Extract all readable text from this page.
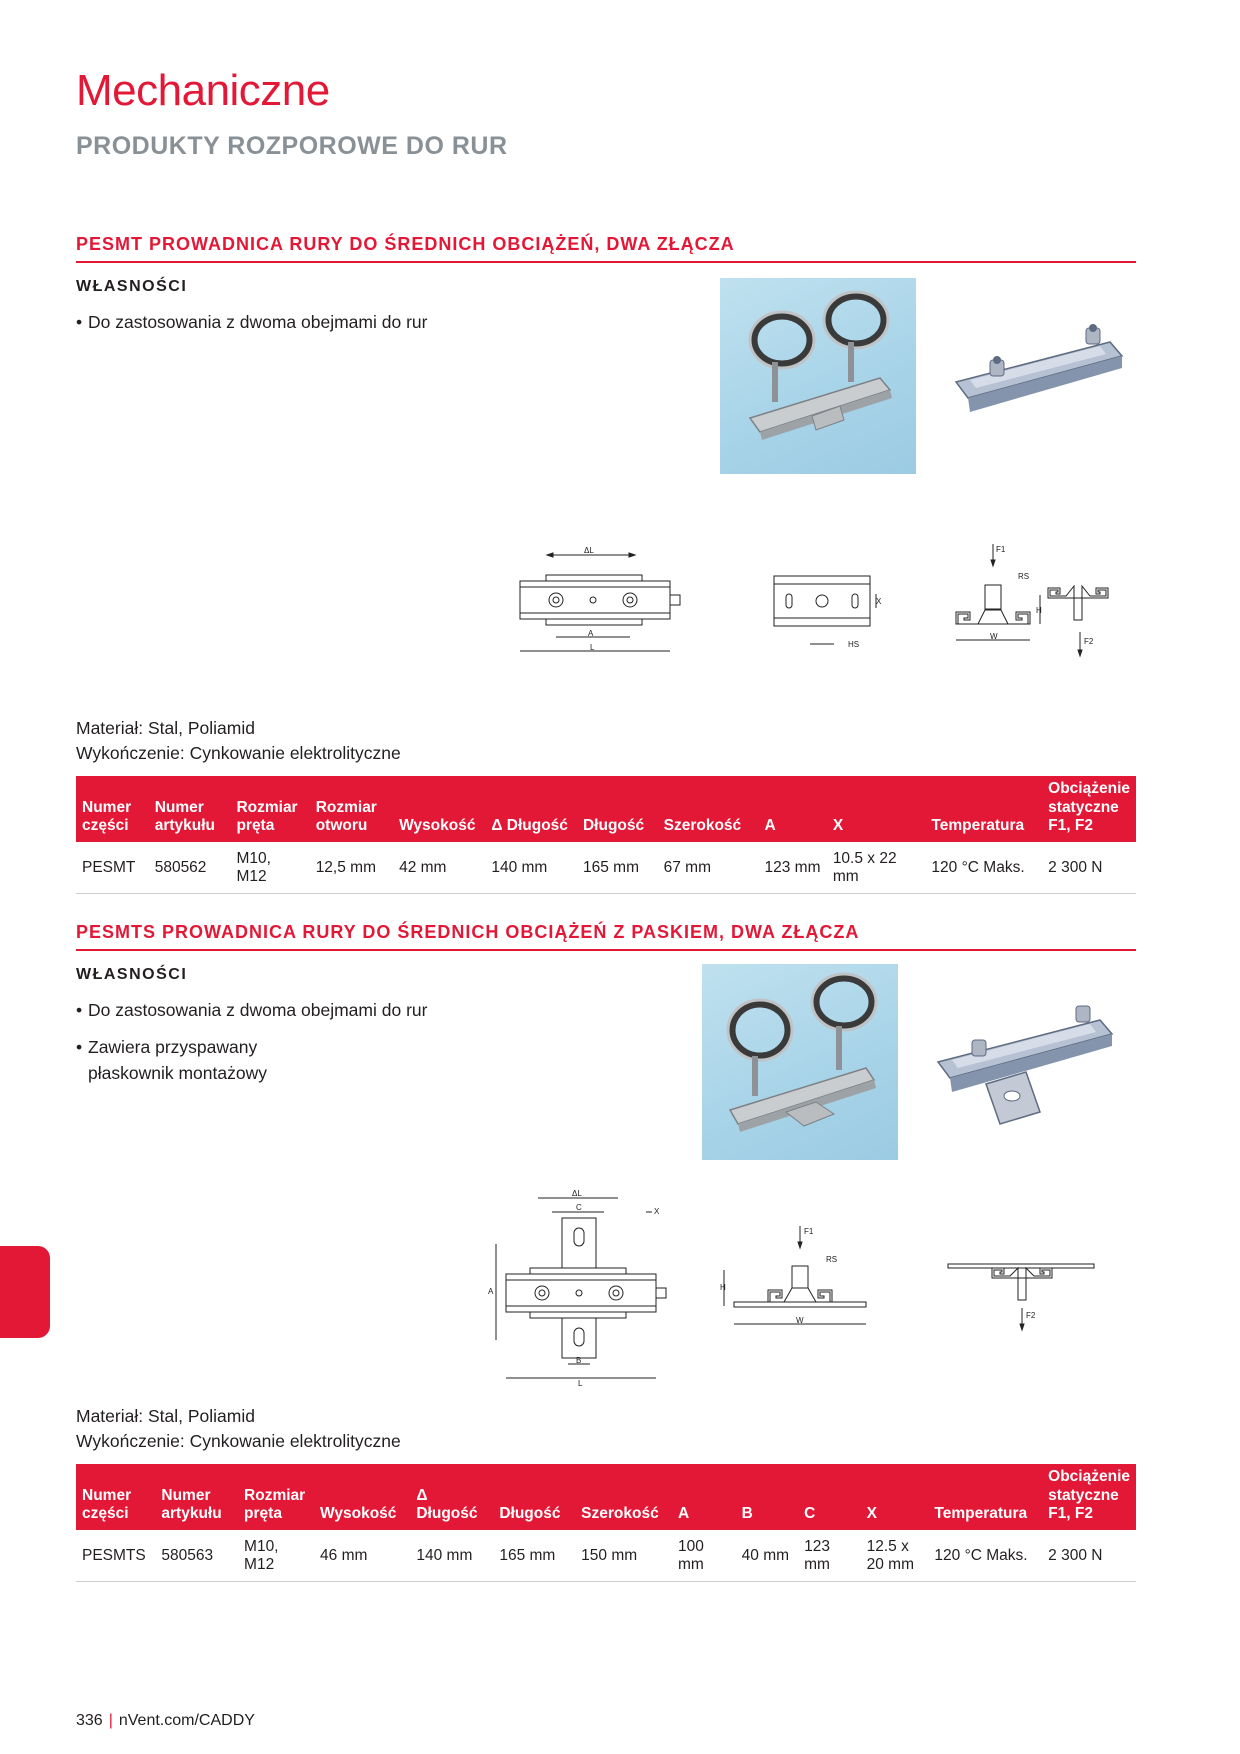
Mechaniczne
PRODUKTY ROZPOROWE DO RUR
PESMT PROWADNICA RURY DO ŚREDNICH OBCIĄŻEŃ, DWA ZŁĄCZA
WŁASNOŚCI
• Do zastosowania z dwoma obejmami do rur
ΔL
A
L
X
HS
F1
RS
W
H
F2
Materiał: Stal, Poliamid
Wykończenie: Cynkowanie elektrolityczne
Numer części	Numer artykułu	Rozmiar pręta	Rozmiar otworu	Wysokość	Δ Długość	Długość	Szerokość	A	X	Temperatura	Obciążenie statyczne F1, F2
PESMT	580562	M10, M12	12,5 mm	42 mm	140 mm	165 mm	67 mm	123 mm	10.5 x 22 mm	120 °C Maks.	2 300 N
PESMTS PROWADNICA RURY DO ŚREDNICH OBCIĄŻEŃ Z PASKIEM, DWA ZŁĄCZA
WŁASNOŚCI
• Do zastosowania z dwoma obejmami do rur
• Zawiera przyspawany płaskownik montażowy
ΔL
C	X
A
B
L
F1
RS
W
H
F2
Materiał: Stal, Poliamid
Wykończenie: Cynkowanie elektrolityczne
Numer części	Numer artykułu	Rozmiar pręta	Wysokość	Δ Długość	Długość	Szerokość	A	B	C	X	Temperatura	Obciążenie statyczne F1, F2
PESMTS	580563	M10, M12	46 mm	140 mm	165 mm	150 mm	100 mm	40 mm	123 mm	12.5 x 20 mm	120 °C Maks.	2 300 N
336 | nVent.com/CADDY
